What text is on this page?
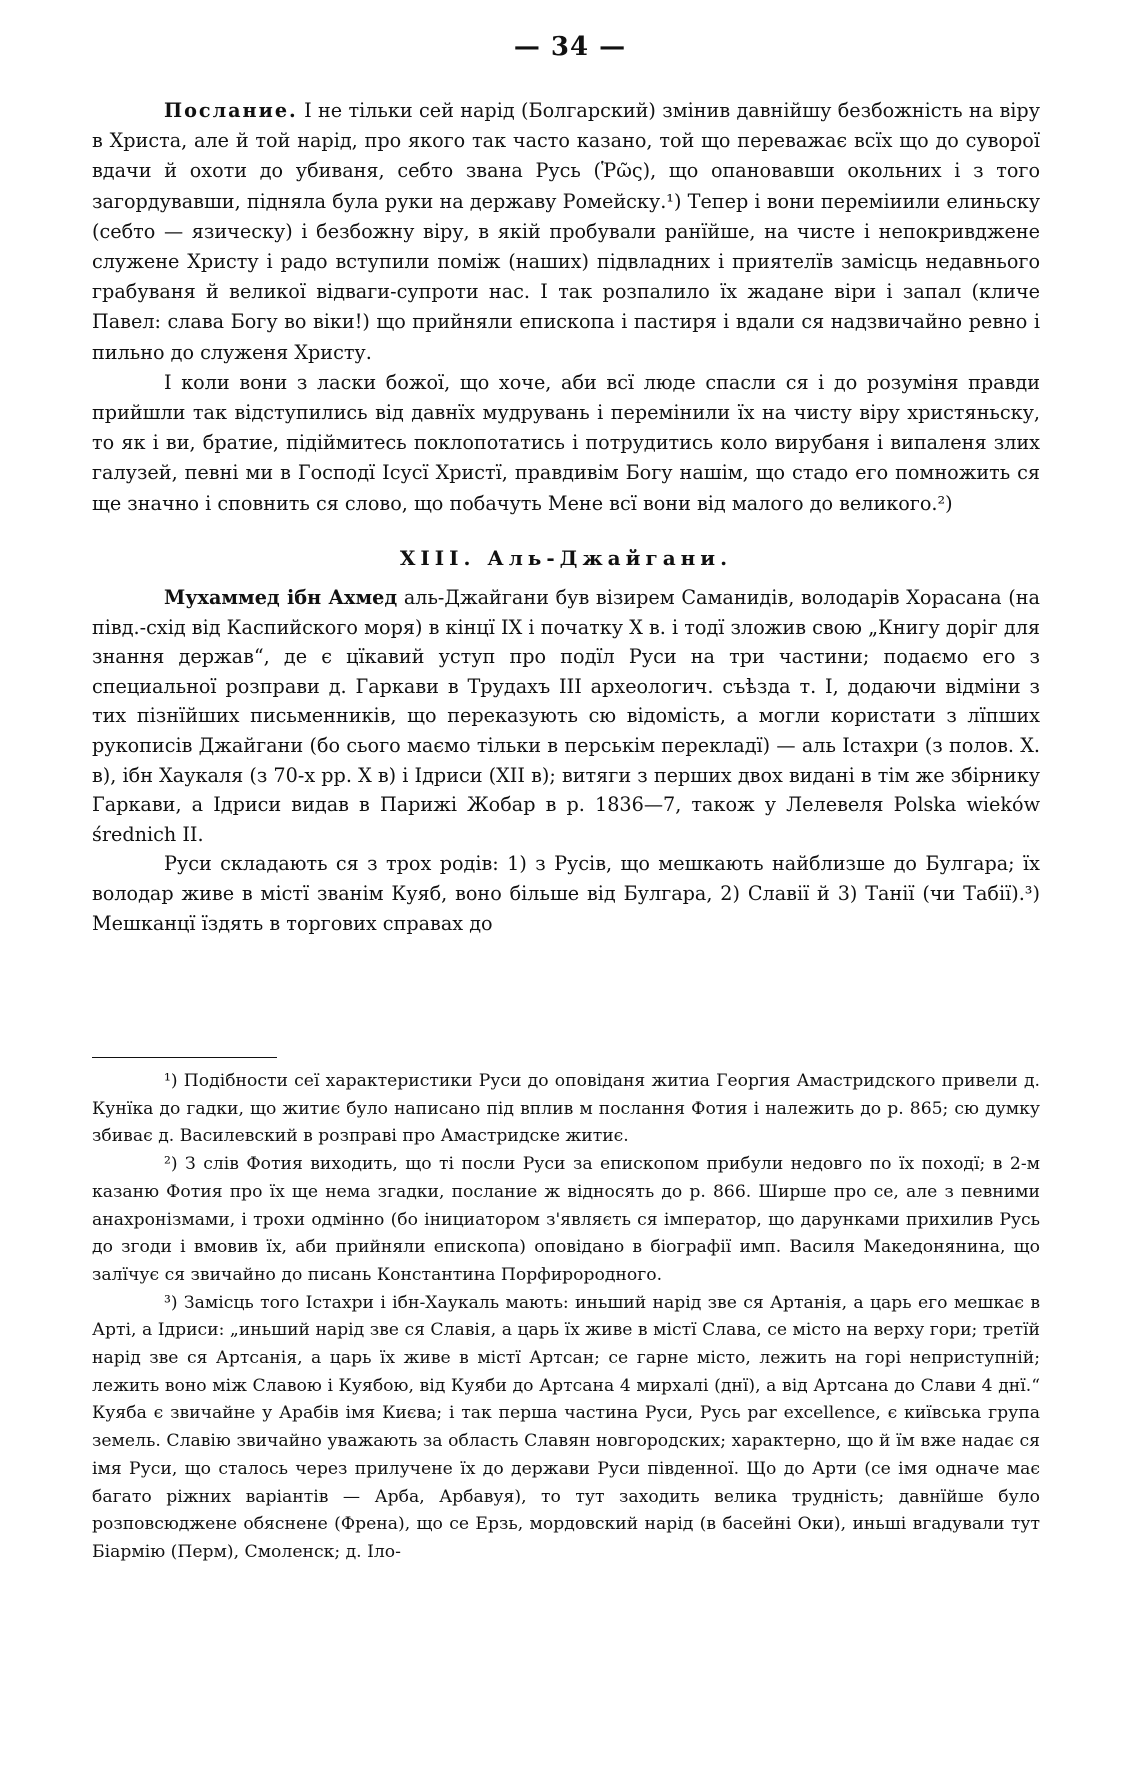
— 34 —

Послание. І не тільки сей нарід (Болгарский) змінив давнійшу безбожність на віру в Христа, але й той нарід, про якого так часто казано, той що переважає всїх що до суворої вдачи й охоти до убиваня, себто звана Русь (Ῥῶς), що опановавши окольних і з того загордувавши, підняла була руки на державу Ромейску.¹) Тепер і вони переміиили елиньску (себто — язическу) і безбожну віру, в якій пробували ранїйше, на чисте і непокривджене служене Христу і радо вступили поміж (наших) підвладних і приятелїв замісць недавнього грабуваня й великої відваги-супроти нас. І так розпалило їх жадане віри і запал (кличе Павел: слава Богу во віки!) що прийняли епископа і пастиря і вдали ся надзвичайно ревно і пильно до служеня Христу.

І коли вони з ласки божої, що хоче, аби всї люде спасли ся і до розуміня правди прийшли так відступились від давнїх мудрувань і перемінили їх на чисту віру христяньску, то як і ви, братие, підіймитесь поклопотатись і потрудитись коло вирубаня і випаленя злих галузей, певні ми в Господї Ісусї Христї, правдивім Богу нашім, що стадо его помножить ся ще значно і сповнить ся слово, що побачуть Мене всї вони від малого до великого.²)

XIII. Аль-Джайгани.

Мухаммед ібн Ахмед аль-Джайгани був візирем Саманидів, володарів Хорасана (на півд.-схід від Каспийского моря) в кінцї IX і початку X в. і тодї зложив свою „Книгу доріг для знання держав“, де є цїкавий уступ про подїл Руси на три частини; подаємо его з специальної розправи д. Гаркави в Трудахъ III археологич. съѣзда т. I, додаючи відміни з тих пізнїйших письменників, що переказують сю відомість, а могли користати з лїпших рукописів Джайгани (бо сього маємо тільки в перськім перекладї) — аль Істахри (з полов. X. в), ібн Хаукаля (з 70-х рр. X в) і Ідриси (XII в); витяги з перших двох видані в тім же збірнику Гаркави, а Ідриси видав в Парижі Жобар в р. 1836—7, також у Лелевеля Polska wieków średnich II.

Руси складають ся з трох родів: 1) з Русів, що мешкають найблизше до Булгара; їх володар живе в містї званім Куяб, воно більше від Булгара, 2) Славії й 3) Танії (чи Табії).³) Мешканцї їздять в торгових справах до

¹) Подібности сеї характеристики Руси до оповіданя житиа Георгия Амастридского привели д. Кунїка до гадки, що житиє було написано під вплив м послання Фотия і належить до р. 865; сю думку збиває д. Василевский в розправі про Амастридске житиє.

²) З слів Фотия виходить, що ті посли Руси за епископом прибули недовго по їх походї; в 2-м казаню Фотия про їх ще нема згадки, послание ж відносять до р. 866. Ширше про се, але з певними анахронізмами, і трохи одмінно (бо інициатором з'являєть ся імператор, що дарунками прихилив Русь до згоди і вмовив їх, аби прийняли епископа) оповідано в біографії имп. Василя Македонянина, що залїчує ся звичайно до писань Константина Порфирородного.

³) Замісць того Істахри і ібн-Хаукаль мають: иньший нарід зве ся Артанія, а царь его мешкає в Арті, а Ідриси: „иньший нарід зве ся Славія, а царь їх живе в містї Слава, се місто на верху гори; третїй нарід зве ся Артсанія, а царь їх живе в містї Артсан; се гарне місто, лежить на горі неприступній; лежить воно між Славою і Куябою, від Куяби до Артсана 4 мирхалі (днї), а від Артсана до Слави 4 днї.“ Куяба є звичайне у Арабів імя Києва; і так перша частина Руси, Русь par excellence, є київська група земель. Славію звичайно уважають за область Славян новгородских; характерно, що й їм вже надає ся імя Руси, що сталось через прилучене їх до держави Руси південної. Що до Арти (се імя одначе має багато ріжних варіантів — Арба, Арбавуя), то тут заходить велика трудність; давнїйше було розповсюджене обяснене (Френа), що се Ерзь, мордовский нарід (в басейні Оки), иньші вгадували тут Біармію (Перм), Смоленск; д. Іло-
